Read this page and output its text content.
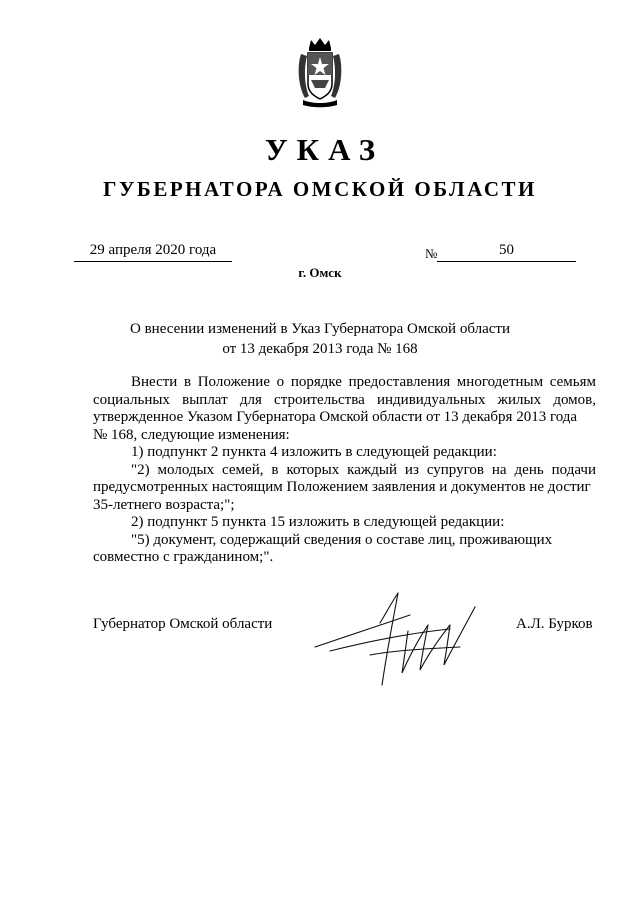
УКАЗ
ГУБЕРНАТОРА ОМСКОЙ ОБЛАСТИ
29 апреля 2020 года	№	50
г. Омск
О внесении изменений в Указ Губернатора Омской области
от 13 декабря 2013 года № 168

Внести в Положение о порядке предоставления многодетным семьям социальных выплат для строительства индивидуальных жилых домов, утвержденное Указом Губернатора Омской области от 13 декабря 2013 года

№ 168, следующие изменения:

1) подпункт 2 пункта 4 изложить в следующей редакции:

"2) молодых семей, в которых каждый из супругов на день подачи предусмотренных настоящим Положением заявления и документов не достиг

35-летнего возраста;";

2) подпункт 5 пункта 15 изложить в следующей редакции:

"5) документ, содержащий сведения о составе лиц, проживающих

совместно с гражданином;".

Губернатор Омской области	А.Л. Бурков
